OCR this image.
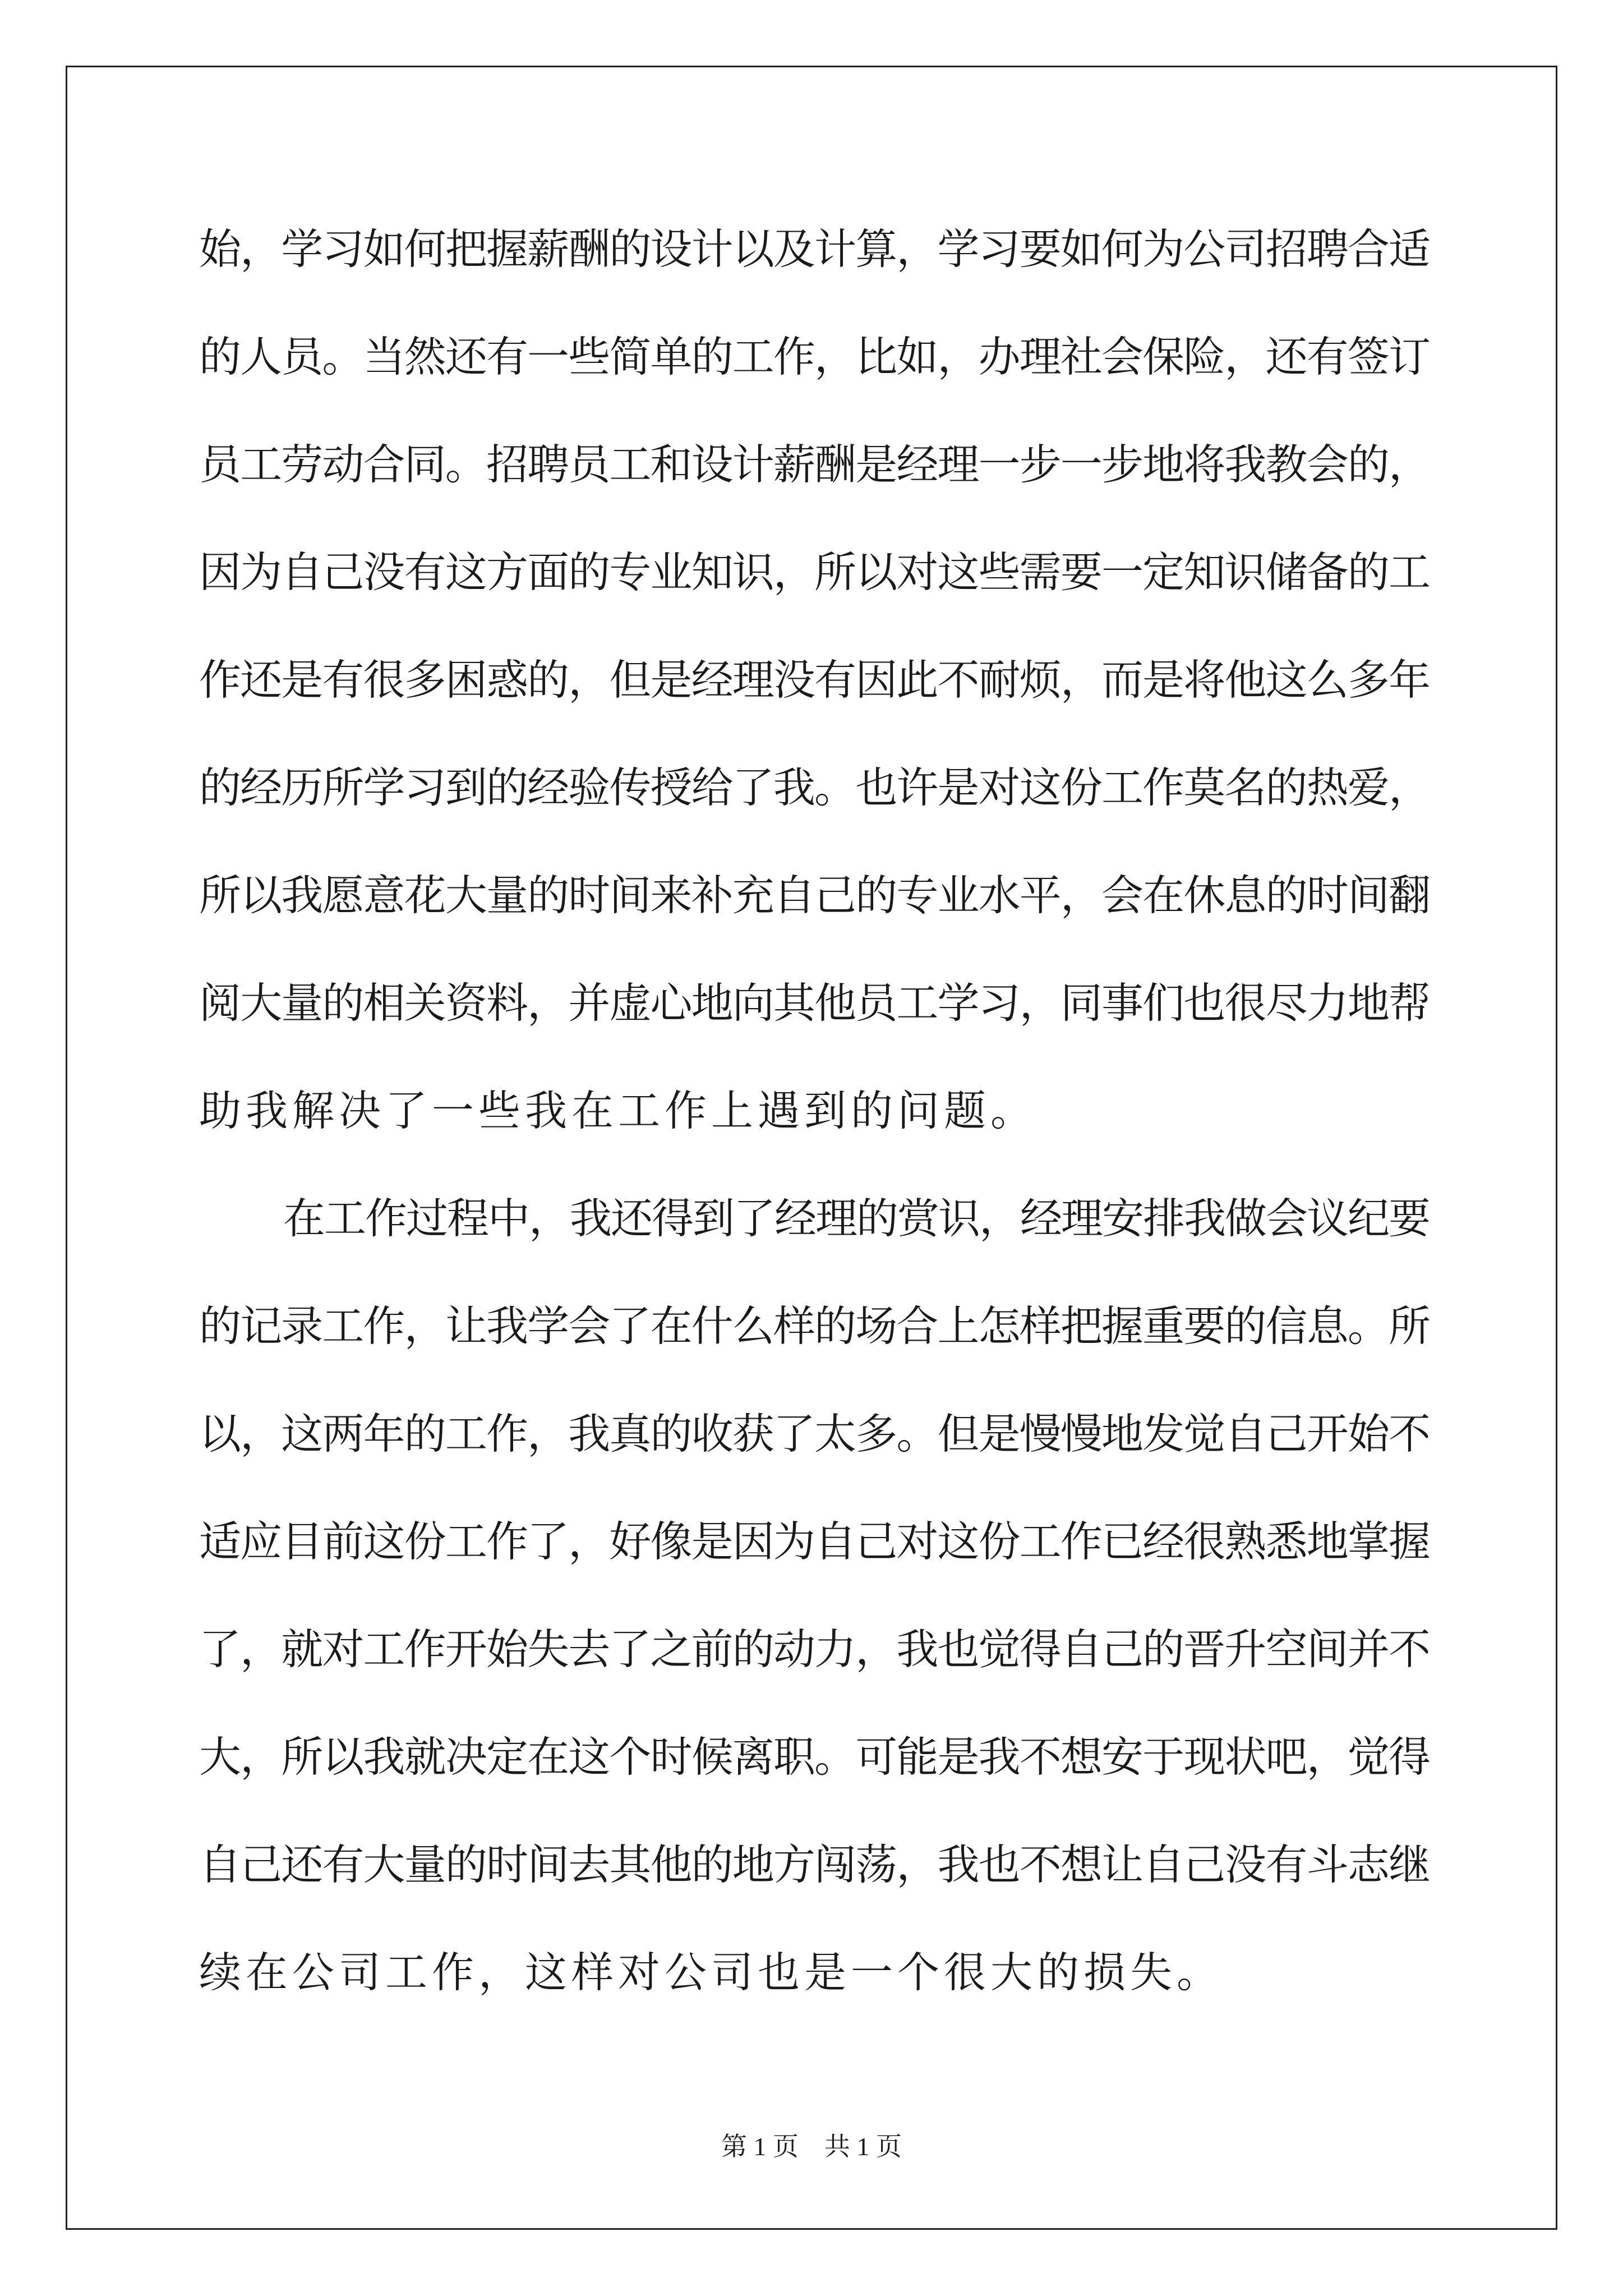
始，学习如何把握薪酬的设计以及计算，学习要如何为公司招聘合适
的人员。当然还有一些简单的工作，比如，办理社会保险，还有签订
员工劳动合同。招聘员工和设计薪酬是经理一步一步地将我教会的，
因为自己没有这方面的专业知识，所以对这些需要一定知识储备的工
作还是有很多困惑的，但是经理没有因此不耐烦，而是将他这么多年
的经历所学习到的经验传授给了我。也许是对这份工作莫名的热爱，
所以我愿意花大量的时间来补充自己的专业水平，会在休息的时间翻
阅大量的相关资料，并虚心地向其他员工学习，同事们也很尽力地帮
助我解决了一些我在工作上遇到的问题。
在工作过程中，我还得到了经理的赏识，经理安排我做会议纪要
的记录工作，让我学会了在什么样的场合上怎样把握重要的信息。所
以，这两年的工作，我真的收获了太多。但是慢慢地发觉自己开始不
适应目前这份工作了，好像是因为自己对这份工作已经很熟悉地掌握
了，就对工作开始失去了之前的动力，我也觉得自己的晋升空间并不
大，所以我就决定在这个时候离职。可能是我不想安于现状吧，觉得
自己还有大量的时间去其他的地方闯荡，我也不想让自己没有斗志继
续在公司工作，这样对公司也是一个很大的损失。
第 1 页    共 1 页
